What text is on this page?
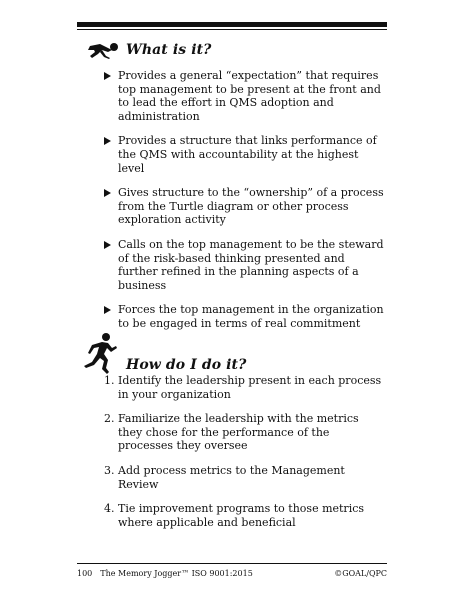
What is it?
Provides a general “expectation” that requires top management to be present at the front and to lead the effort in QMS adoption and administration
Provides a structure that links performance of the QMS with accountability at the highest level
Gives structure to the “ownership” of a process from the Turtle diagram or other process exploration activity
Calls on the top management to be the steward of the risk-based thinking presented and further refined in the planning aspects of a business
Forces the top management in the organization to be engaged in terms of real commitment
How do I do it?
1. Identify the leadership present in each process in your organization
2. Familiarize the leadership with the metrics they chose for the performance of the processes they oversee
3. Add process metrics to the Management Review
4. Tie improvement programs to those metrics where applicable and beneficial
100 The Memory Jogger™ ISO 9001:2015	©GOAL/QPC
